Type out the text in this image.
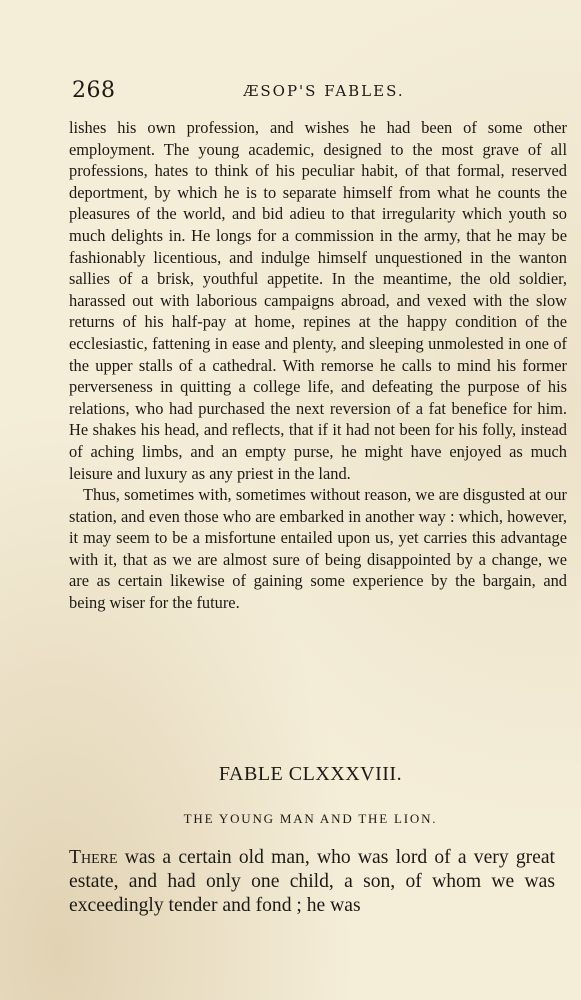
268	ÆSOP'S FABLES.

lishes his own profession, and wishes he had been of some other employment. The young academic, designed to the most grave of all professions, hates to think of his peculiar habit, of that formal, reserved deportment, by which he is to separate himself from what he counts the pleasures of the world, and bid adieu to that irregularity which youth so much delights in. He longs for a commission in the army, that he may be fashionably licentious, and indulge himself unquestioned in the wanton sallies of a brisk, youthful appetite. In the meantime, the old soldier, harassed out with laborious campaigns abroad, and vexed with the slow returns of his half-pay at home, repines at the happy condition of the ecclesiastic, fattening in ease and plenty, and sleeping unmolested in one of the upper stalls of a cathedral. With remorse he calls to mind his former perverseness in quitting a college life, and defeating the purpose of his relations, who had purchased the next reversion of a fat benefice for him. He shakes his head, and reflects, that if it had not been for his folly, instead of aching limbs, and an empty purse, he might have enjoyed as much leisure and luxury as any priest in the land.

Thus, sometimes with, sometimes without reason, we are disgusted at our station, and even those who are embarked in another way : which, however, it may seem to be a misfortune entailed upon us, yet carries this advantage with it, that as we are almost sure of being disappointed by a change, we are as certain likewise of gaining some experience by the bargain, and being wiser for the future.

FABLE CLXXXVIII.
THE YOUNG MAN AND THE LION.

There was a certain old man, who was lord of a very great estate, and had only one child, a son, of whom we was exceedingly tender and fond ; he was
